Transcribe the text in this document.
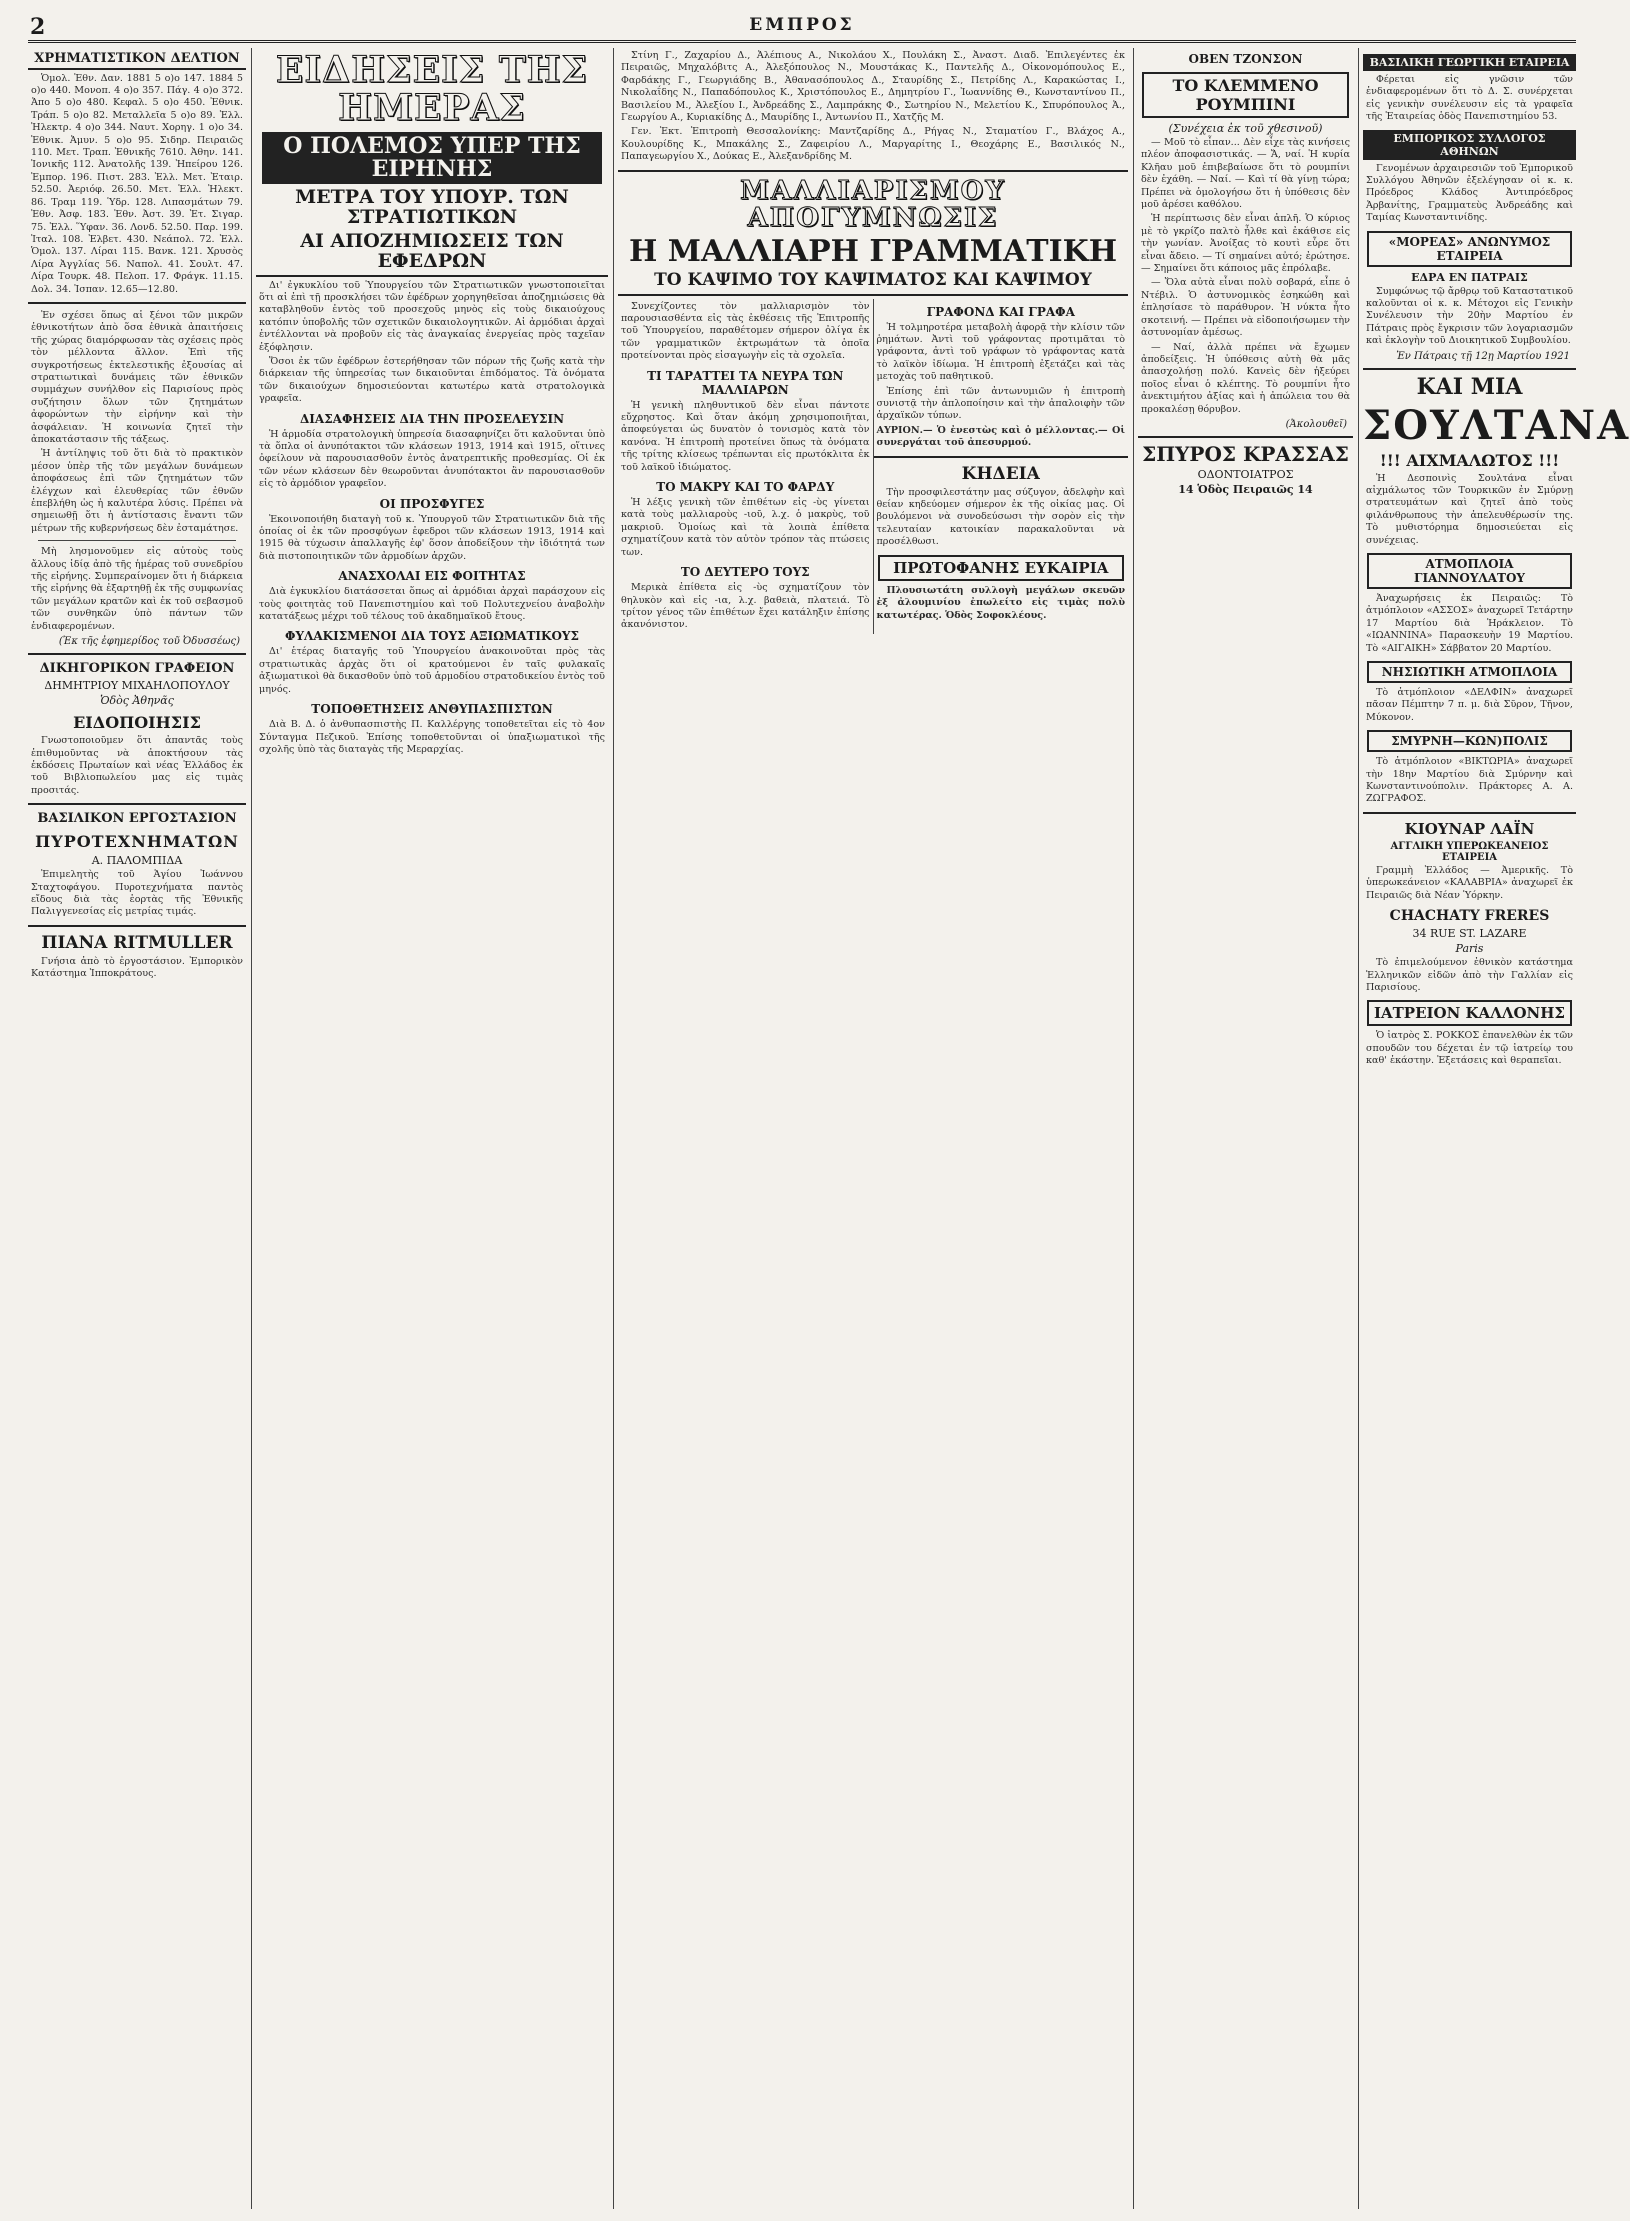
2	ΕΜΠΡΟΣ
ΧΡΗΜΑΤΙΣΤΙΚΟΝ ΔΕΛΤΙΟΝ
Ὁμολ. Ἐθν. Δαν. 1881 5 ο)ο 147. 1884 5 ο)ο 440. Μονοπ. 4 ο)ο 357. Πάγ. 4 ο)ο 372. Ἀπο 5 ο)ο 480. Κεφαλ. 5 ο)ο 450. Ἐθνικ. Τράπ. 5 ο)ο 82. Μεταλλεῖα 5 ο)ο 89. Ἑλλ. Ἠλεκτρ. 4 ο)ο 344. Ναυτ. Χορηγ. 1 ο)ο 34. Ἐθνικ. Ἀμυν. 5 ο)ο 95. Σιδηρ. Πειραιῶς 110. Μετ. Τραπ. Ἐθνικῆς 7610. Ἀθην. 141. Ἰονικῆς 112. Ἀνατολῆς 139. Ἠπείρου 126. Ἐμπορ. 196. Πιστ. 283. Ἑλλ. Μετ. Ἐταιρ. 52.50. Ἀεριόφ. 26.50. Μετ. Ἑλλ. Ἠλεκτ. 86. Τραμ 119. Ὑδρ. 128. Λιπασμάτων 79. Ἐθν. Ἀσφ. 183. Ἐθν. Ἀστ. 39. Ἐτ. Σιγαρ. 75. Ἑλλ. Ὕφαν. 36. Λονδ. 52.50. Παρ. 199. Ἰταλ. 108. Ἐλβετ. 430. Νεάπολ. 72. Ἑλλ. Ὁμολ. 137. Λίραι 115. Βανκ. 121. Χρυσὸς Λίρα Ἀγγλίας 56. Ναπολ. 41. Σουλτ. 47. Λίρα Τουρκ. 48. Πελοπ. 17. Φράγκ. 11.15. Δολ. 34. Ἰσπαν. 12.65—12.80.
Ἐν σχέσει ὅπως αἱ ξένοι τῶν μικρῶν ἐθνικοτήτων ἀπὸ ὅσα ἐθνικὰ ἀπαιτήσεις τῆς χώρας διαμόρφωσαν τὰς σχέσεις πρὸς τὸν μέλλοντα ἄλλον. Ἐπὶ τῆς συγκροτήσεως ἐκτελεστικῆς ἐξουσίας αἱ στρατιωτικαὶ δυνάμεις τῶν ἐθνικῶν συμμάχων συνήλθον εἰς Παρισίους πρὸς συζήτησιν ὅλων τῶν ζητημάτων ἀφορώντων τὴν εἰρήνην καὶ τὴν ἀσφάλειαν. Ἡ κοινωνία ζητεῖ τὴν ἀποκατάστασιν τῆς τάξεως.
Ἡ ἀντίληψις τοῦ ὅτι διὰ τὸ πρακτικὸν μέσον ὑπὲρ τῆς τῶν μεγάλων δυνάμεων ἀποφάσεως ἐπὶ τῶν ζητημάτων τῶν ἐλέγχων καὶ ἐλευθερίας τῶν ἐθνῶν ἐπεβλήθη ὡς ἡ καλυτέρα λύσις. Πρέπει νὰ σημειωθῇ ὅτι ἡ ἀντίστασις ἔναντι τῶν μέτρων τῆς κυβερνήσεως δὲν ἐσταμάτησε.
Μὴ λησμονοῦμεν εἰς αὐτοὺς τοὺς ἄλλους ἰδίᾳ ἀπὸ τῆς ἡμέρας τοῦ συνεδρίου τῆς εἰρήνης. Συμπεραίνομεν ὅτι ἡ διάρκεια τῆς εἰρήνης θὰ ἐξαρτηθῇ ἐκ τῆς συμφωνίας τῶν μεγάλων κρατῶν καὶ ἐκ τοῦ σεβασμοῦ τῶν συνθηκῶν ὑπὸ πάντων τῶν ἐνδιαφερομένων.
(Ἐκ τῆς ἐφημερίδος τοῦ Ὀδυσσέως)
ΔΙΚΗΓΟΡΙΚΟΝ ΓΡΑΦΕΙΟΝ
ΔΗΜΗΤΡΙΟΥ ΜΙΧΑΗΛΟΠΟΥΛΟΥ
Ὁδὸς Ἀθηνᾶς
ΕΙΔΟΠΟΙΗΣΙΣ
Γνωστοποιοῦμεν ὅτι ἀπαντᾶς τοὺς ἐπιθυμοῦντας νὰ ἀποκτήσουν τὰς ἐκδόσεις Πρωταίων καὶ νέας Ἑλλάδος ἐκ τοῦ Βιβλιοπωλείου μας εἰς τιμὰς προσιτάς.
ΒΑΣΙΛΙΚΟΝ ΕΡΓΟΣΤΑΣΙΟΝ
ΠΥΡΟΤΕΧΝΗΜΑΤΩΝ
Α. ΠΑΛΟΜΠΙΔΑ
Ἐπιμελητὴς τοῦ Ἁγίου Ἰωάννου Σταχτοφάγου. Πυροτεχνήματα παντὸς εἴδους διὰ τὰς ἑορτὰς τῆς Ἐθνικῆς Παλιγγενεσίας εἰς μετρίας τιμάς.
ΠΙΑΝΑ RITMULLER
Γνήσια ἀπὸ τὸ ἐργοστάσιον. Ἐμπορικὸν Κατάστημα Ἱπποκράτους.
ΕΙΔΗΣΕΙΣ ΤΗΣ ΗΜΕΡΑΣ
Ο ΠΟΛΕΜΟΣ ΥΠΕΡ ΤΗΣ ΕΙΡΗΝΗΣ
ΜΕΤΡΑ ΤΟΥ ΥΠΟΥΡ. ΤΩΝ ΣΤΡΑΤΙΩΤΙΚΩΝ
ΑΙ ΑΠΟΖΗΜΙΩΣΕΙΣ ΤΩΝ ΕΦΕΔΡΩΝ
Δι' ἐγκυκλίου τοῦ Ὑπουργείου τῶν Στρατιωτικῶν γνωστοποιεῖται ὅτι αἱ ἐπὶ τῇ προσκλήσει τῶν ἐφέδρων χορηγηθεῖσαι ἀποζημιώσεις θὰ καταβληθοῦν ἐντὸς τοῦ προσεχοῦς μηνὸς εἰς τοὺς δικαιούχους κατόπιν ὑποβολῆς τῶν σχετικῶν δικαιολογητικῶν. Αἱ ἀρμόδιαι ἀρχαὶ ἐντέλλονται νὰ προβοῦν εἰς τὰς ἀναγκαίας ἐνεργείας πρὸς ταχεῖαν ἐξόφλησιν.
Ὅσοι ἐκ τῶν ἐφέδρων ἐστερήθησαν τῶν πόρων τῆς ζωῆς κατὰ τὴν διάρκειαν τῆς ὑπηρεσίας των δικαιοῦνται ἐπιδόματος. Τὰ ὀνόματα τῶν δικαιούχων δημοσιεύονται κατωτέρω κατὰ στρατολογικὰ γραφεῖα.
ΔΙΑΣΑΦΗΣΕΙΣ ΔΙΑ ΤΗΝ ΠΡΟΣΕΛΕΥΣΙΝ
Ἡ ἁρμοδία στρατολογικὴ ὑπηρεσία διασαφηνίζει ὅτι καλοῦνται ὑπὸ τὰ ὅπλα οἱ ἀνυπότακτοι τῶν κλάσεων 1913, 1914 καὶ 1915, οἵτινες ὀφείλουν νὰ παρουσιασθοῦν ἐντὸς ἀνατρεπτικῆς προθεσμίας. Οἱ ἐκ τῶν νέων κλάσεων δὲν θεωροῦνται ἀνυπότακτοι ἂν παρουσιασθοῦν εἰς τὸ ἀρμόδιον γραφεῖον.
ΟΙ ΠΡΟΣΦΥΓΕΣ
Ἐκοινοποιήθη διαταγὴ τοῦ κ. Ὑπουργοῦ τῶν Στρατιωτικῶν διὰ τῆς ὁποίας οἱ ἐκ τῶν προσφύγων ἐφεδροι τῶν κλάσεων 1913, 1914 καὶ 1915 θὰ τύχωσιν ἀπαλλαγῆς ἐφ' ὅσον ἀποδείξουν τὴν ἰδιότητά των διὰ πιστοποιητικῶν τῶν ἀρμοδίων ἀρχῶν.
ΑΝΑΣΧΟΛΑΙ ΕΙΣ ΦΟΙΤΗΤΑΣ
Διὰ ἐγκυκλίου διατάσσεται ὅπως αἱ ἀρμόδιαι ἀρχαὶ παράσχουν εἰς τοὺς φοιτητὰς τοῦ Πανεπιστημίου καὶ τοῦ Πολυτεχνείου ἀναβολὴν κατατάξεως μέχρι τοῦ τέλους τοῦ ἀκαδημαϊκοῦ ἔτους.
ΦΥΛΑΚΙΣΜΕΝΟΙ ΔΙΑ ΤΟΥΣ ΑΞΙΩΜΑΤΙΚΟΥΣ
Δι' ἑτέρας διαταγῆς τοῦ Ὑπουργείου ἀνακοινοῦται πρὸς τὰς στρατιωτικὰς ἀρχὰς ὅτι οἱ κρατούμενοι ἐν ταῖς φυλακαῖς ἀξιωματικοὶ θὰ δικασθοῦν ὑπὸ τοῦ ἁρμοδίου στρατοδικείου ἐντὸς τοῦ μηνός.
ΤΟΠΟΘΕΤΗΣΕΙΣ ΑΝΘΥΠΑΣΠΙΣΤΩΝ
Διὰ Β. Δ. ὁ ἀνθυπασπιστὴς Π. Καλλέργης τοποθετεῖται εἰς τὸ 4ον Σύνταγμα Πεζικοῦ. Ἐπίσης τοποθετοῦνται οἱ ὑπαξιωματικοὶ τῆς σχολῆς ὑπὸ τὰς διαταγὰς τῆς Μεραρχίας.
Στίνη Γ., Ζαχαρίου Δ., Ἀλέπιους Α., Νικολάου Χ., Πουλάκη Σ., Ἀναστ. Διαδ. Ἐπιλεγέντες ἐκ Πειραιῶς, Μηχαλόβιτς Α., Ἀλεξόπουλος Ν., Μουστάκας Κ., Παντελῆς Δ., Οἰκονομόπουλος Ε., Φαρδάκης Γ., Γεωργιάδης Β., Ἀθανασόπουλος Δ., Σταυρίδης Σ., Πετρίδης Λ., Καρακώστας Ι., Νικολαΐδης Ν., Παπαδόπουλος Κ., Χριστόπουλος Ε., Δημητρίου Γ., Ἰωαννίδης Θ., Κωνσταντίνου Π., Βασιλείου Μ., Ἀλεξίου Ι., Ἀνδρεάδης Σ., Λαμπράκης Φ., Σωτηρίου Ν., Μελετίου Κ., Σπυρόπουλος Ἀ., Γεωργίου Α., Κυριακίδης Δ., Μαυρίδης Ι., Ἀντωνίου Π., Χατζῆς Μ.
Γεν. Ἐκτ. Ἐπιτροπὴ Θεσσαλονίκης: Μαντζαρίδης Δ., Ρήγας Ν., Σταματίου Γ., Βλάχος Α., Κουλουρίδης Κ., Μπακάλης Σ., Ζαφειρίου Λ., Μαργαρίτης Ι., Θεοχάρης Ε., Βασιλικός Ν., Παπαγεωργίου Χ., Δούκας Ε., Ἀλεξανδρίδης Μ.
ΜΑΛΛΙΑΡΙΣΜΟΥ ΑΠΟΓΥΜΝΩΣΙΣ
Η ΜΑΛΛΙΑΡΗ ΓΡΑΜΜΑΤΙΚΗ
ΤΟ ΚΑΨΙΜΟ ΤΟΥ ΚΑΨΙΜΑΤΟΣ ΚΑΙ ΚΑΨΙΜΟΥ
Συνεχίζοντες τὸν μαλλιαρισμὸν τὸν παρουσιασθέντα εἰς τὰς ἐκθέσεις τῆς Ἐπιτροπῆς τοῦ Ὑπουργείου, παραθέτομεν σήμερον ὀλίγα ἐκ τῶν γραμματικῶν ἐκτρωμάτων τὰ ὁποῖα προτείνονται πρὸς εἰσαγωγὴν εἰς τὰ σχολεῖα.
ΤΙ ΤΑΡΑΤΤΕΙ ΤΑ ΝΕΥΡΑ ΤΩΝ ΜΑΛΛΙΑΡΩΝ
Ἡ γενικὴ πληθυντικοῦ δὲν εἶναι πάντοτε εὔχρηστος. Καὶ ὅταν ἀκόμη χρησιμοποιῆται, ἀποφεύγεται ὡς δυνατὸν ὁ τονισμὸς κατὰ τὸν κανόνα. Ἡ ἐπιτροπὴ προτείνει ὅπως τὰ ὀνόματα τῆς τρίτης κλίσεως τρέπωνται εἰς πρωτόκλιτα ἐκ τοῦ λαϊκοῦ ἰδιώματος.
ΤΟ ΜΑΚΡΥ ΚΑΙ ΤΟ ΦΑΡΔΥ
Ἡ λέξις γενικὴ τῶν ἐπιθέτων εἰς -ὺς γίνεται κατὰ τοὺς μαλλιαροὺς -ιοῦ, λ.χ. ὁ μακρὺς, τοῦ μακριοῦ. Ὁμοίως καὶ τὰ λοιπὰ ἐπίθετα σχηματίζουν κατὰ τὸν αὐτὸν τρόπον τὰς πτώσεις των.
ΤΟ ΔΕΥΤΕΡΟ ΤΟΥΣ
Μερικὰ ἐπίθετα εἰς -ὺς σχηματίζουν τὸν θηλυκὸν καὶ εἰς -ια, λ.χ. βαθειὰ, πλατειά. Τὸ τρίτον γένος τῶν ἐπιθέτων ἔχει κατάληξιν ἐπίσης ἀκανόνιστον.
ΓΡΑΦΟΝΔ ΚΑΙ ΓΡΑΦΑ
Ἡ τολμηροτέρα μεταβολὴ ἀφορᾷ τὴν κλίσιν τῶν ῥημάτων. Ἀντὶ τοῦ γράφοντας προτιμᾶται τὸ γράφοντα, ἀντὶ τοῦ γράφων τὸ γράφοντας κατὰ τὸ λαϊκὸν ἰδίωμα. Ἡ ἐπιτροπὴ ἐξετάζει καὶ τὰς μετοχὰς τοῦ παθητικοῦ.
Ἐπίσης ἐπὶ τῶν ἀντωνυμιῶν ἡ ἐπιτροπὴ συνιστᾷ τὴν ἀπλοποίησιν καὶ τὴν ἀπαλοιφὴν τῶν ἀρχαϊκῶν τύπων.
ΑΥΡΙΟΝ.— Ὁ ἐνεστὼς καὶ ὁ μέλλοντας.— Οἱ συνεργάται τοῦ ἀπεσυρμού.
ΚΗΔΕΙΑ
Τὴν προσφιλεστάτην μας σύζυγον, ἀδελφὴν καὶ θείαν κηδεύομεν σήμερον ἐκ τῆς οἰκίας μας. Οἱ βουλόμενοι νὰ συνοδεύσωσι τὴν σορὸν εἰς τὴν τελευταίαν κατοικίαν παρακαλοῦνται νὰ προσέλθωσι.
ΠΡΩΤΟΦΑΝΗΣ ΕΥΚΑΙΡΙΑ
Πλουσιωτάτη συλλογὴ μεγάλων σκευῶν ἐξ ἀλουμινίου ἐπωλείτο εἰς τιμὰς πολὺ κατωτέρας. Ὁδὸς Σοφοκλέους.
ΟΒΕΝ ΤΖΟΝΣΟΝ
ΤΟ ΚΛΕΜΜΕΝΟ ΡΟΥΜΠΙΝΙ
(Συνέχεια ἐκ τοῦ χθεσινοῦ)
— Μοῦ τὸ εἶπαν... Δὲν εἶχε τὰς κινήσεις πλέον ἀποφασιστικάς. — Ἄ, ναί. Ἡ κυρία Κλῆαυ μοῦ ἐπιβεβαίωσε ὅτι τὸ ρουμπίνι δὲν ἐχάθη. — Ναί. — Καὶ τί θὰ γίνῃ τώρα; Πρέπει νὰ ὁμολογήσω ὅτι ἡ ὑπόθεσις δὲν μοῦ ἀρέσει καθόλου.
Ἡ περίπτωσις δὲν εἶναι ἀπλῆ. Ὁ κύριος μὲ τὸ γκρίζο παλτὸ ἦλθε καὶ ἐκάθισε εἰς τὴν γωνίαν. Ἀνοίξας τὸ κουτὶ εὗρε ὅτι εἶναι ἄδειο. — Τί σημαίνει αὐτό; ἐρώτησε. — Σημαίνει ὅτι κάποιος μᾶς ἐπρόλαβε.
— Ὅλα αὐτὰ εἶναι πολὺ σοβαρά, εἶπε ὁ Ντέβιλ. Ὁ ἀστυνομικὸς ἐσηκώθη καὶ ἐπλησίασε τὸ παράθυρον. Ἡ νύκτα ἦτο σκοτεινή. — Πρέπει νὰ εἰδοποιήσωμεν τὴν ἀστυνομίαν ἀμέσως.
— Ναί, ἀλλὰ πρέπει νὰ ἔχωμεν ἀποδείξεις. Ἡ ὑπόθεσις αὐτὴ θὰ μᾶς ἀπασχολήσῃ πολύ. Κανεὶς δὲν ἠξεύρει ποῖος εἶναι ὁ κλέπτης. Τὸ ρουμπίνι ἦτο ἀνεκτιμήτου ἀξίας καὶ ἡ ἀπώλεια του θὰ προκαλέσῃ θόρυβον.
(Ἀκολουθεῖ)
ΣΠΥΡΟΣ ΚΡΑΣΣΑΣ
ΟΔΟΝΤΟΙΑΤΡΟΣ
14 Ὁδὸς Πειραιῶς 14
ΒΑΣΙΛΙΚΗ ΓΕΩΡΓΙΚΗ ΕΤΑΙΡΕΙΑ
Φέρεται εἰς γνῶσιν τῶν ἐνδιαφερομένων ὅτι τὸ Δ. Σ. συνέρχεται εἰς γενικὴν συνέλευσιν εἰς τὰ γραφεῖα τῆς Ἑταιρείας ὁδὸς Πανεπιστημίου 53.
ΕΜΠΟΡΙΚΟΣ ΣΥΛΛΟΓΟΣ ΑΘΗΝΩΝ
Γενομένων ἀρχαιρεσιῶν τοῦ Ἐμπορικοῦ Συλλόγου Ἀθηνῶν ἐξελέγησαν οἱ κ. κ. Πρόεδρος Κλάδος Ἀντιπρόεδρος Ἀρβανίτης, Γραμματεὺς Ἀνδρεάδης καὶ Ταμίας Κωνσταντινίδης.
«ΜΟΡΕΑΣ» ΑΝΩΝΥΜΟΣ ΕΤΑΙΡΕΙΑ
ΕΔΡΑ ΕΝ ΠΑΤΡΑΙΣ
Συμφώνως τῷ ἄρθρῳ τοῦ Καταστατικοῦ καλοῦνται οἱ κ. κ. Μέτοχοι εἰς Γενικὴν Συνέλευσιν τὴν 20ὴν Μαρτίου ἐν Πάτραις πρὸς ἔγκρισιν τῶν λογαριασμῶν καὶ ἐκλογὴν τοῦ Διοικητικοῦ Συμβουλίου.
Ἐν Πάτραις τῇ 12ῃ Μαρτίου 1921
ΚΑΙ ΜΙΑ
ΣΟΥΛΤΑΝΑ
!!! ΑΙΧΜΑΛΩΤΟΣ !!!
Ἡ Δεσποινὶς Σουλτάνα εἶναι αἰχμάλωτος τῶν Τουρκικῶν ἐν Σμύρνῃ στρατευμάτων καὶ ζητεῖ ἀπὸ τοὺς φιλάνθρωπους τὴν ἀπελευθέρωσίν της. Τὸ μυθιστόρημα δημοσιεύεται εἰς συνέχειας.
ΑΤΜΟΠΛΟΙΑ ΓΙΑΝΝΟΥΛΑΤΟΥ
Ἀναχωρήσεις ἐκ Πειραιῶς: Τὸ ἀτμόπλοιον «ΑΣΣΟΣ» ἀναχωρεῖ Τετάρτην 17 Μαρτίου διὰ Ἡράκλειον. Τὸ «ΙΩΑΝΝΙΝΑ» Παρασκευὴν 19 Μαρτίου. Τὸ «ΑΙΓΑΙΚΗ» Σάββατον 20 Μαρτίου.
ΝΗΣΙΩΤΙΚΗ ΑΤΜΟΠΛΟΙΑ
Τὸ ἀτμόπλοιον «ΔΕΛΦΙΝ» ἀναχωρεῖ πᾶσαν Πέμπτην 7 π. μ. διὰ Σῦρον, Τῆνον, Μύκονον.
ΣΜΥΡΝΗ—ΚΩΝ)ΠΟΛΙΣ
Τὸ ἀτμόπλοιον «ΒΙΚΤΩΡΙΑ» ἀναχωρεῖ τὴν 18ην Μαρτίου διὰ Σμύρνην καὶ Κωνσταντινούπολιν. Πράκτορες Α. Α. ΖΩΓΡΑΦΟΣ.
ΚΙΟΥΝΑΡ ΛΑΪΝ
ΑΓΓΛΙΚΗ ΥΠΕΡΩΚΕΑΝΕΙΟΣ ΕΤΑΙΡΕΙΑ
Γραμμὴ Ἑλλάδος — Ἀμερικῆς. Τὸ ὑπερωκεάνειον «ΚΑΛΑΒΡΙΑ» ἀναχωρεῖ ἐκ Πειραιῶς διὰ Νέαν Ὑόρκην.
CHACHATY FRERES
34 RUE ST. LAZARE
Paris
Τὸ ἐπιμελούμενον ἐθνικὸν κατάστημα Ἑλληνικῶν εἰδῶν ἀπὸ τὴν Γαλλίαν εἰς Παρισίους.
ΙΑΤΡΕΙΟΝ ΚΑΛΛΟΝΗΣ
Ὁ ἰατρὸς Σ. ΡΟΚΚΟΣ ἐπανελθὼν ἐκ τῶν σπουδῶν του δέχεται ἐν τῷ ἰατρείῳ του καθ' ἑκάστην. Ἐξετάσεις καὶ θεραπεῖαι.
